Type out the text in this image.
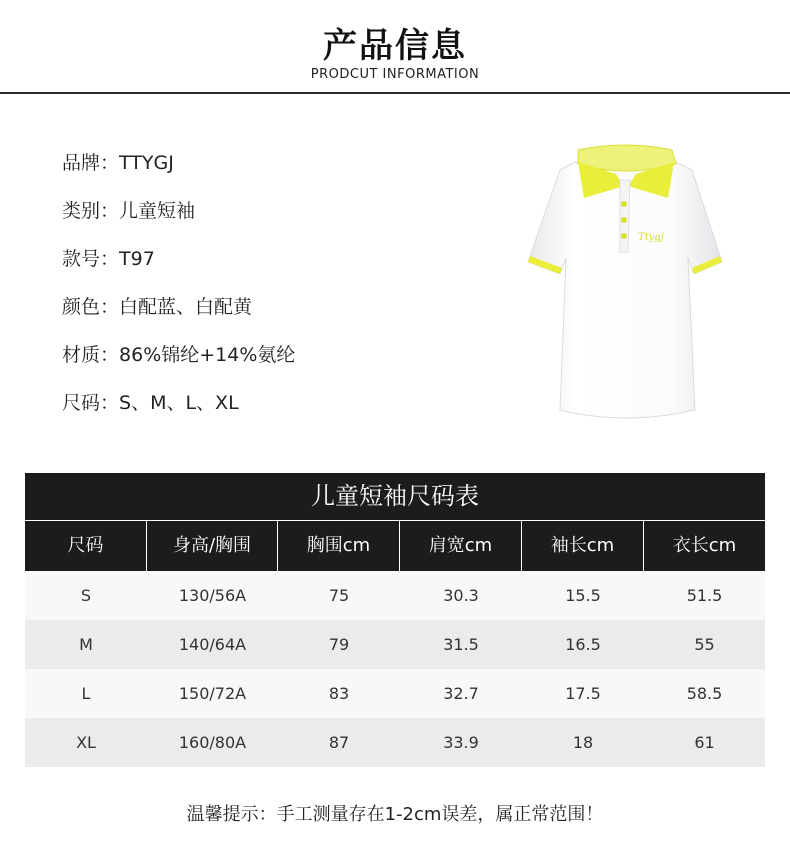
产品信息
PRODCUT INFORMATION
品牌：TTYGJ
类别：儿童短袖
款号：T97
颜色：白配蓝、白配黄
材质：86%锦纶+14%氨纶
尺码：S、M、L、XL
Ttygj
儿童短袖尺码表
尺码	身高/胸围	胸围cm	肩宽cm	袖长cm	衣长cm
S	130/56A	75	30.3	15.5	51.5
M	140/64A	79	31.5	16.5	55
L	150/72A	83	32.7	17.5	58.5
XL	160/80A	87	33.9	18	61
温馨提示：手工测量存在1-2cm误差，属正常范围！
